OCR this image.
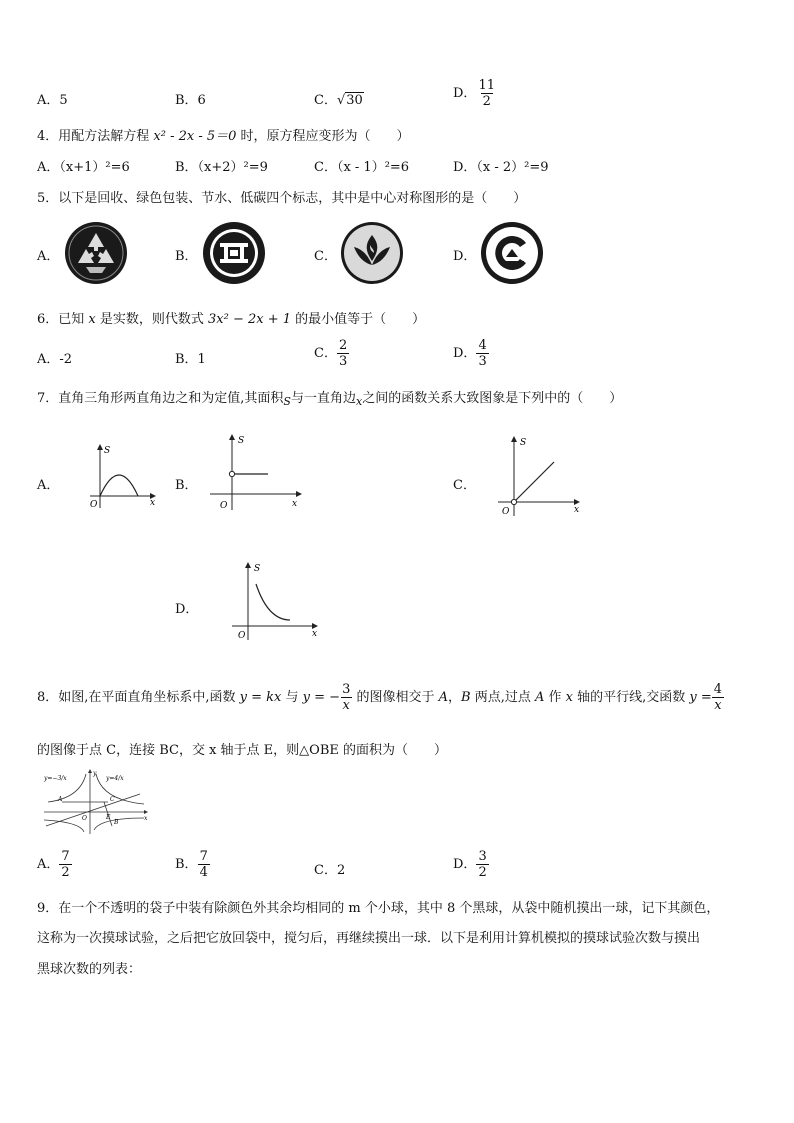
A．5	B．6	C．√30	D． $\frac{11}{2}$
4．用配方法解方程 x² - 2x - 5＝0 时，原方程应变形为（　　）
A．（x+1）²=6	B．（x+2）²=9	C．（x - 1）²=6	D．（x - 2）²=9
5．以下是回收、绿色包装、节水、低碳四个标志，其中是中心对称图形的是（　　）
A．	B．	C．	D．
6．已知 x 是实数，则代数式 3x² − 2x + 1 的最小值等于（　　）
A．-2	B．1	C． $\frac{2}{3}$	D． $\frac{4}{3}$
7．直角三角形两直角边之和为定值,其面积$_S$与一直角边$_x$之间的函数关系大致图象是下列中的（　　）
A．
S
x
O
B．
S
x
O
C．
S
x
O
D．
S
x
O
8．如图,在平面直角坐标系中,函数 y = kx 与 y = − $\frac{3}{x}$ 的图像相交于 A，B 两点,过点 A 作 x 轴的平行线,交函数 $y = \frac{4}{x}$
的图像于点 C，连接 BC，交 x 轴于点 E，则△OBE 的面积为（　　）
y=−3/x	y=4/x
A	C
B
E
O	x
y
A． $\frac{7}{2}$	B． $\frac{7}{4}$	C．2	D． $\frac{3}{2}$
9．在一个不透明的袋子中装有除颜色外其余均相同的 m 个小球，其中 8 个黑球，从袋中随机摸出一球，记下其颜色，
这称为一次摸球试验，之后把它放回袋中，搅匀后，再继续摸出一球．以下是利用计算机模拟的摸球试验次数与摸出
黑球次数的列表：
